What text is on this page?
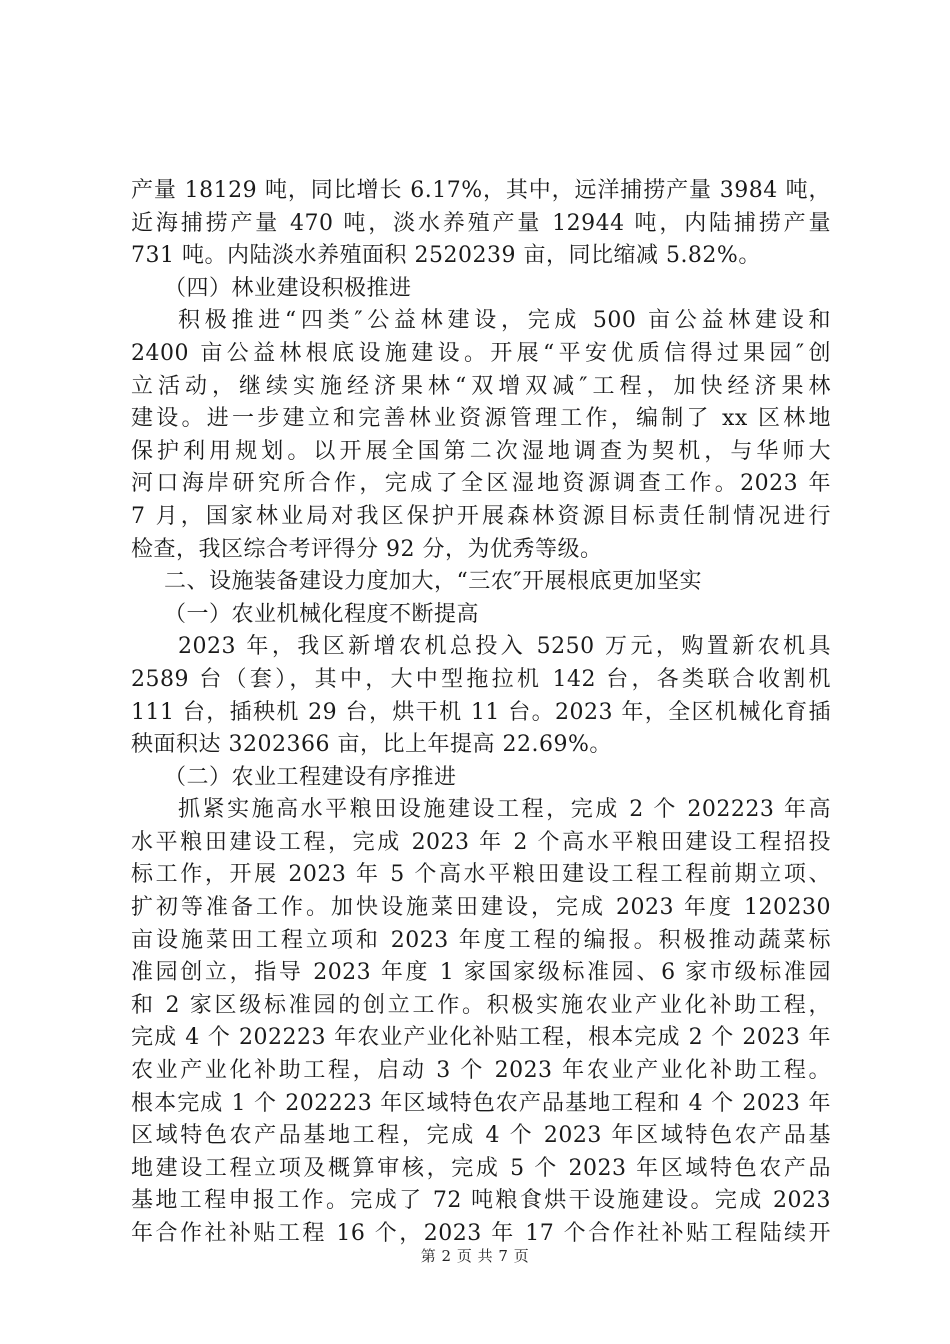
产量 18129 吨，同比增长 6.17%，其中，远洋捕捞产量 3984 吨，
近海捕捞产量 470 吨，淡水养殖产量 12944 吨，内陆捕捞产量
731 吨。内陆淡水养殖面积 2520239 亩，同比缩减 5.82%。
（四）林业建设积极推进
积极推进“四类″公益林建设，完成 500 亩公益林建设和
2400 亩公益林根底设施建设。开展“平安优质信得过果园″创
立活动，继续实施经济果林“双增双减″工程，加快经济果林
建设。进一步建立和完善林业资源管理工作，编制了 xx 区林地
保护利用规划。以开展全国第二次湿地调查为契机，与华师大
河口海岸研究所合作，完成了全区湿地资源调查工作。2023 年
7 月，国家林业局对我区保护开展森林资源目标责任制情况进行
检查，我区综合考评得分 92 分，为优秀等级。
二、设施装备建设力度加大，“三农″开展根底更加坚实
（一）农业机械化程度不断提高
2023 年，我区新增农机总投入 5250 万元，购置新农机具
2589 台（套），其中，大中型拖拉机 142 台，各类联合收割机
111 台，插秧机 29 台，烘干机 11 台。2023 年，全区机械化育插
秧面积达 3202366 亩，比上年提高 22.69%。
（二）农业工程建设有序推进
抓紧实施高水平粮田设施建设工程，完成 2 个 202223 年高
水平粮田建设工程，完成 2023 年 2 个高水平粮田建设工程招投
标工作，开展 2023 年 5 个高水平粮田建设工程工程前期立项、
扩初等准备工作。加快设施菜田建设，完成 2023 年度 120230
亩设施菜田工程立项和 2023 年度工程的编报。积极推动蔬菜标
准园创立，指导 2023 年度 1 家国家级标准园、6 家市级标准园
和 2 家区级标准园的创立工作。积极实施农业产业化补助工程，
完成 4 个 202223 年农业产业化补贴工程，根本完成 2 个 2023 年
农业产业化补助工程，启动 3 个 2023 年农业产业化补助工程。
根本完成 1 个 202223 年区域特色农产品基地工程和 4 个 2023 年
区域特色农产品基地工程，完成 4 个 2023 年区域特色农产品基
地建设工程立项及概算审核，完成 5 个 2023 年区域特色农产品
基地工程申报工作。完成了 72 吨粮食烘干设施建设。完成 2023
年合作社补贴工程 16 个，2023 年 17 个合作社补贴工程陆续开
第 2 页 共 7 页
